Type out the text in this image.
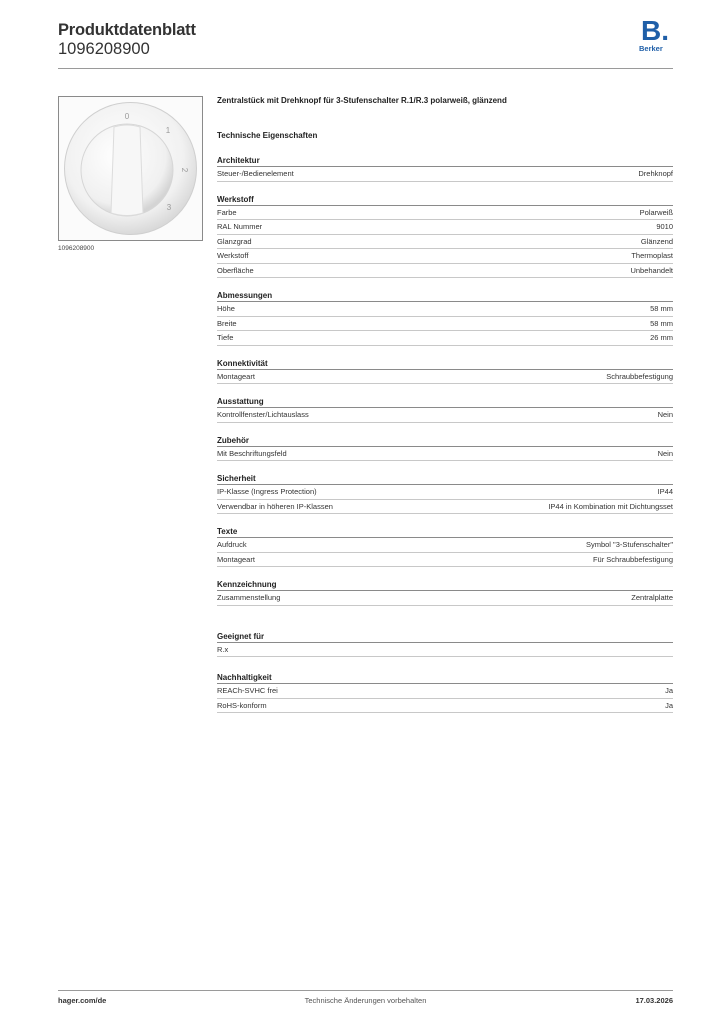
Produktdatenblatt
1096208900
B.
Berker
0
1
2
3
1096208900
Zentralstück mit Drehknopf für 3-Stufenschalter R.1/R.3 polarweiß, glänzend
Technische Eigenschaften
Architektur
Steuer-/Bedienelement	Drehknopf
Werkstoff
Farbe	Polarweiß
RAL Nummer	9010
Glanzgrad	Glänzend
Werkstoff	Thermoplast
Oberfläche	Unbehandelt
Abmessungen
Höhe	58 mm
Breite	58 mm
Tiefe	26 mm
Konnektivität
Montageart	Schraubbefestigung
Ausstattung
Kontrollfenster/Lichtauslass	Nein
Zubehör
Mit Beschriftungsfeld	Nein
Sicherheit
IP-Klasse (Ingress Protection)	IP44
Verwendbar in höheren IP-Klassen	IP44 in Kombination mit Dichtungsset
Texte
Aufdruck	Symbol "3-Stufenschalter"
Montageart	Für Schraubbefestigung
Kennzeichnung
Zusammenstellung	Zentralplatte
Geeignet für
R.x
Nachhaltigkeit
REACh-SVHC frei	Ja
RoHS-konform	Ja
hager.com/de	Technische Änderungen vorbehalten	17.03.2026
